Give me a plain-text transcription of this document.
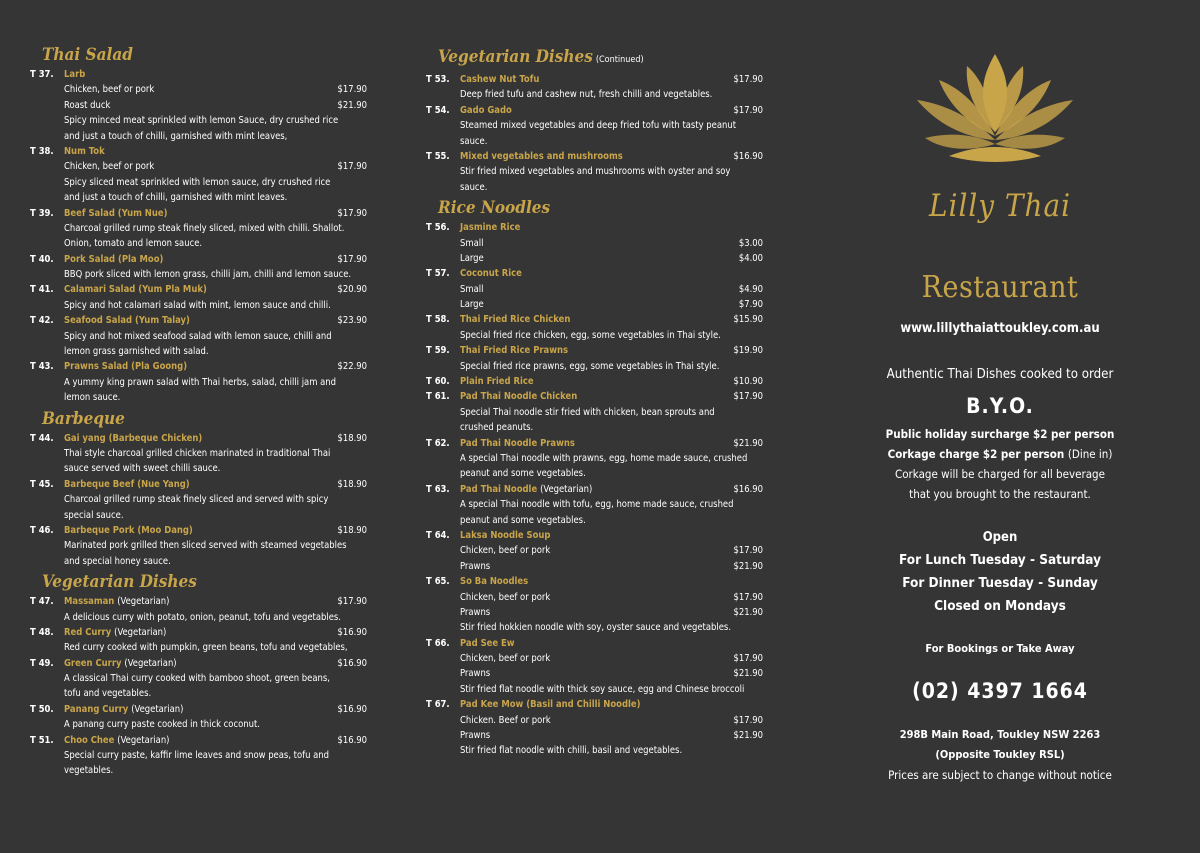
Thai Salad
T 37. Larb
Chicken, beef or pork	$17.90
Roast duck	$21.90
Spicy minced meat sprinkled with lemon Sauce, dry crushed rice
and just a touch of chilli, garnished with mint leaves,
T 38. Num Tok
Chicken, beef or pork	$17.90
Spicy sliced meat sprinkled with lemon sauce, dry crushed rice
and just a touch of chilli, garnished with mint leaves.
T 39. Beef Salad (Yum Nue)	$17.90
Charcoal grilled rump steak finely sliced, mixed with chilli. Shallot.
Onion, tomato and lemon sauce.
T 40. Pork Salad (Pla Moo)	$17.90
BBQ pork sliced with lemon grass, chilli jam, chilli and lemon sauce.
T 41. Calamari Salad (Yum Pla Muk)	$20.90
Spicy and hot calamari salad with mint, lemon sauce and chilli.
T 42. Seafood Salad (Yum Talay)	$23.90
Spicy and hot mixed seafood salad with lemon sauce, chilli and
lemon grass garnished with salad.
T 43. Prawns Salad (Pla Goong)	$22.90
A yummy king prawn salad with Thai herbs, salad, chilli jam and
lemon sauce.
Barbeque
T 44. Gai yang (Barbeque Chicken)	$18.90
Thai style charcoal grilled chicken marinated in traditional Thai
sauce served with sweet chilli sauce.
T 45. Barbeque Beef (Nue Yang)	$18.90
Charcoal grilled rump steak finely sliced and served with spicy
special sauce.
T 46. Barbeque Pork (Moo Dang)	$18.90
Marinated pork grilled then sliced served with steamed vegetables
and special honey sauce.
Vegetarian Dishes
T 47. Massaman (Vegetarian)	$17.90
A delicious curry with potato, onion, peanut, tofu and vegetables.
T 48. Red Curry (Vegetarian)	$16.90
Red curry cooked with pumpkin, green beans, tofu and vegetables,
T 49. Green Curry (Vegetarian)	$16.90
A classical Thai curry cooked with bamboo shoot, green beans,
tofu and vegetables.
T 50. Panang Curry (Vegetarian)	$16.90
A panang curry paste cooked in thick coconut.
T 51. Choo Chee (Vegetarian)	$16.90
Special curry paste, kaffir lime leaves and snow peas, tofu and
vegetables.
Vegetarian Dishes (Continued)
T 53. Cashew Nut Tofu	$17.90
Deep fried tufu and cashew nut, fresh chilli and vegetables.
T 54. Gado Gado	$17.90
Steamed mixed vegetables and deep fried tofu with tasty peanut
sauce.
T 55. Mixed vegetables and mushrooms	$16.90
Stir fried mixed vegetables and mushrooms with oyster and soy
sauce.
Rice Noodles
T 56. Jasmine Rice
Small	$3.00
Large	$4.00
T 57. Coconut Rice
Small	$4.90
Large	$7.90
T 58. Thai Fried Rice Chicken	$15.90
Special fried rice chicken, egg, some vegetables in Thai style.
T 59. Thai Fried Rice Prawns	$19.90
Special fried rice prawns, egg, some vegetables in Thai style.
T 60. Plain Fried Rice	$10.90
T 61. Pad Thai Noodle Chicken	$17.90
Special Thai noodle stir fried with chicken, bean sprouts and
crushed peanuts.
T 62. Pad Thai Noodle Prawns	$21.90
A special Thai noodle with prawns, egg, home made sauce, crushed
peanut and some vegetables.
T 63. Pad Thai Noodle (Vegetarian)	$16.90
A special Thai noodle with tofu, egg, home made sauce, crushed
peanut and some vegetables.
T 64. Laksa Noodle Soup
Chicken, beef or pork	$17.90
Prawns	$21.90
T 65. So Ba Noodles
Chicken, beef or pork	$17.90
Prawns	$21.90
Stir fried hokkien noodle with soy, oyster sauce and vegetables.
T 66. Pad See Ew
Chicken, beef or pork	$17.90
Prawns	$21.90
Stir fried flat noodle with thick soy sauce, egg and Chinese broccoli
T 67. Pad Kee Mow (Basil and Chilli Noodle)
Chicken. Beef or pork	$17.90
Prawns	$21.90
Stir fried flat noodle with chilli, basil and vegetables.
Lilly Thai
Restaurant
www.lillythaiattoukley.com.au
Authentic Thai Dishes cooked to order
B.Y.O.
Public holiday surcharge $2 per person
Corkage charge $2 per person (Dine in)
Corkage will be charged for all beverage
that you brought to the restaurant.
Open
For Lunch Tuesday - Saturday
For Dinner Tuesday - Sunday
Closed on Mondays
For Bookings or Take Away
(02) 4397 1664
298B Main Road, Toukley NSW 2263
(Opposite Toukley RSL)
Prices are subject to change without notice
